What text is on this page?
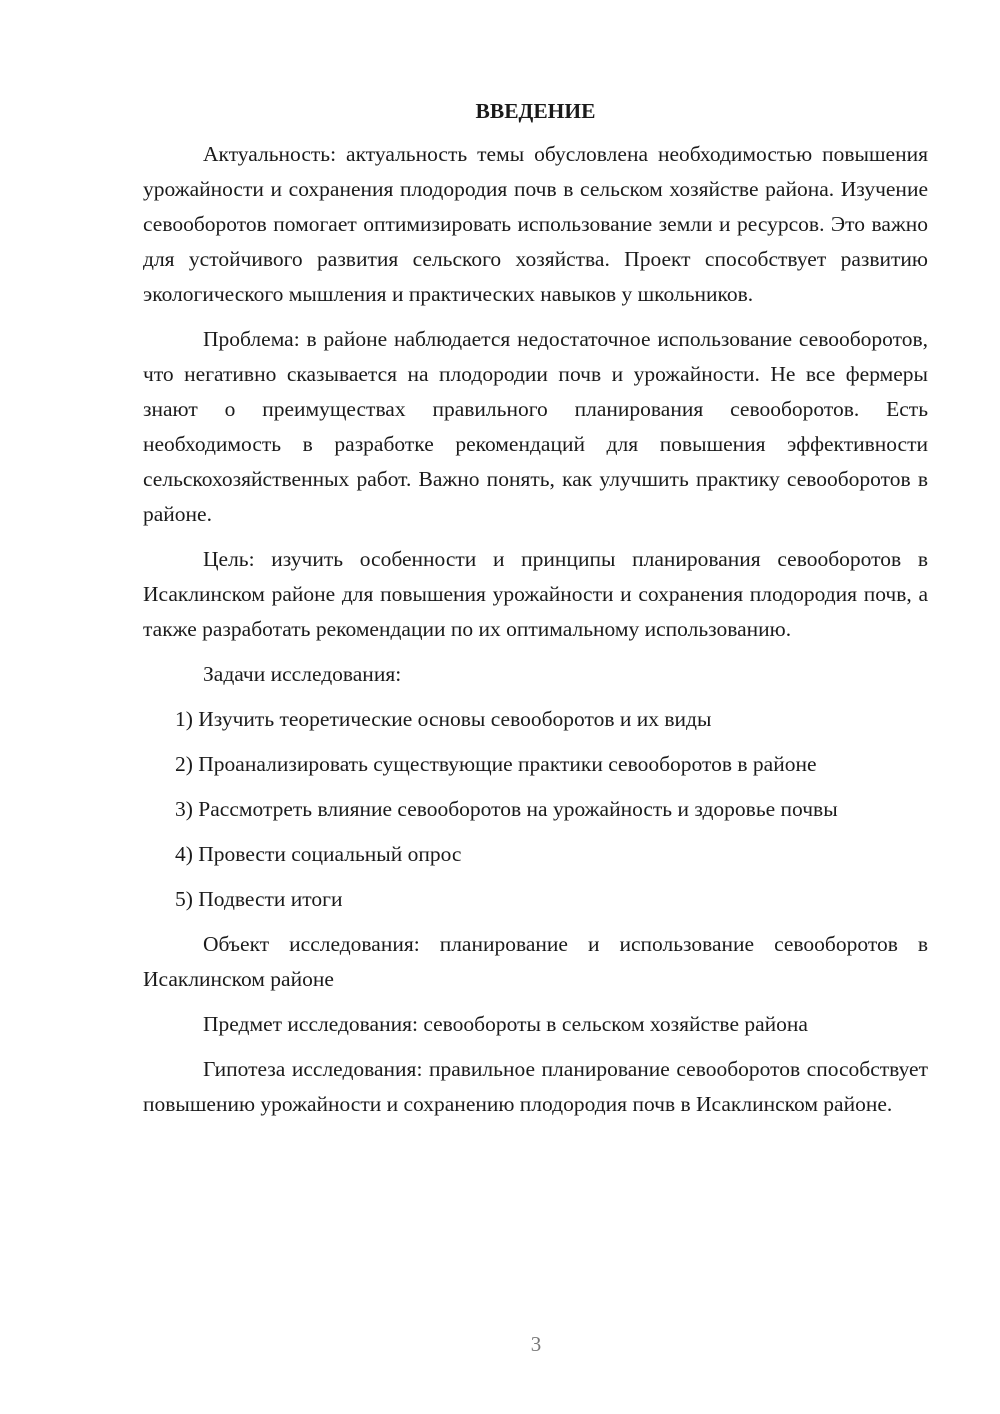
ВВЕДЕНИЕ

Актуальность: актуальность темы обусловлена необходимостью повышения урожайности и сохранения плодородия почв в сельском хозяйстве района. Изучение севооборотов помогает оптимизировать использование земли и ресурсов. Это важно для устойчивого развития сельского хозяйства. Проект способствует развитию экологического мышления и практических навыков у школьников.

Проблема: в районе наблюдается недостаточное использование севооборотов, что негативно сказывается на плодородии почв и урожайности. Не все фермеры знают о преимуществах правильного планирования севооборотов. Есть необходимость в разработке рекомендаций для повышения эффективности сельскохозяйственных работ. Важно понять, как улучшить практику севооборотов в районе.

Цель: изучить особенности и принципы планирования севооборотов в Исаклинском районе для повышения урожайности и сохранения плодородия почв, а также разработать рекомендации по их оптимальному использованию.

Задачи исследования:

1) Изучить теоретические основы севооборотов и их виды

2) Проанализировать существующие практики севооборотов в районе

3) Рассмотреть влияние севооборотов на урожайность и здоровье почвы

4) Провести социальный опрос

5) Подвести итоги

Объект исследования: планирование и использование севооборотов в Исаклинском районе

Предмет исследования: севообороты в сельском хозяйстве района

Гипотеза исследования: правильное планирование севооборотов способствует повышению урожайности и сохранению плодородия почв в Исаклинском районе.

3
